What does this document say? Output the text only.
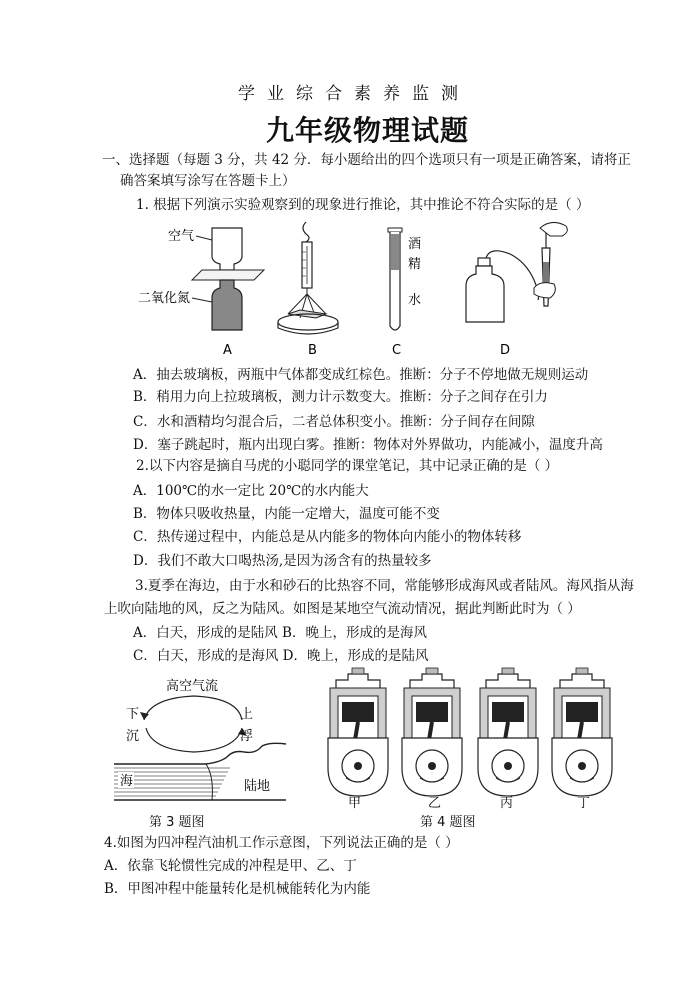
学业综合素养监测
九年级物理试题
一、选择题（每题 3 分，共 42 分．每小题给出的四个选项只有一项是正确答案，请将正
确答案填写涂写在答题卡上）
1. 根据下列演示实验观察到的现象进行推论，其中推论不符合实际的是（ ）
空气
二氧化氮
A	B
酒
精
水
C	D
A．抽去玻璃板，两瓶中气体都变成红棕色。推断：分子不停地做无规则运动
B．稍用力向上拉玻璃板，测力计示数变大。推断：分子之间存在引力
C．水和酒精均匀混合后，二者总体积变小。推断：分子间存在间隙
D．塞子跳起时，瓶内出现白雾。推断：物体对外界做功，内能减小，温度升高
2.以下内容是摘自马虎的小聪同学的课堂笔记，其中记录正确的是（ ）
A．100℃的水一定比 20℃的水内能大
B．物体只吸收热量，内能一定增大，温度可能不变
C．热传递过程中，内能总是从内能多的物体向内能小的物体转移
D．我们不敢大口喝热汤,是因为汤含有的热量较多
3.夏季在海边，由于水和砂石的比热容不同，常能够形成海风或者陆风。海风指从海
上吹向陆地的风，反之为陆风。如图是某地空气流动情况，据此判断此时为（ ）
A．白天，形成的是陆风 B．晚上，形成的是海风
C．白天，形成的是海风 D．晚上，形成的是陆风
高空气流
下
沉
上
浮
海	陆地
第 3 题图
甲	乙	丙	丁
第 4 题图
4.如图为四冲程汽油机工作示意图，下列说法正确的是（ ）
A．依靠飞轮惯性完成的冲程是甲、乙、丁
B．甲图冲程中能量转化是机械能转化为内能
